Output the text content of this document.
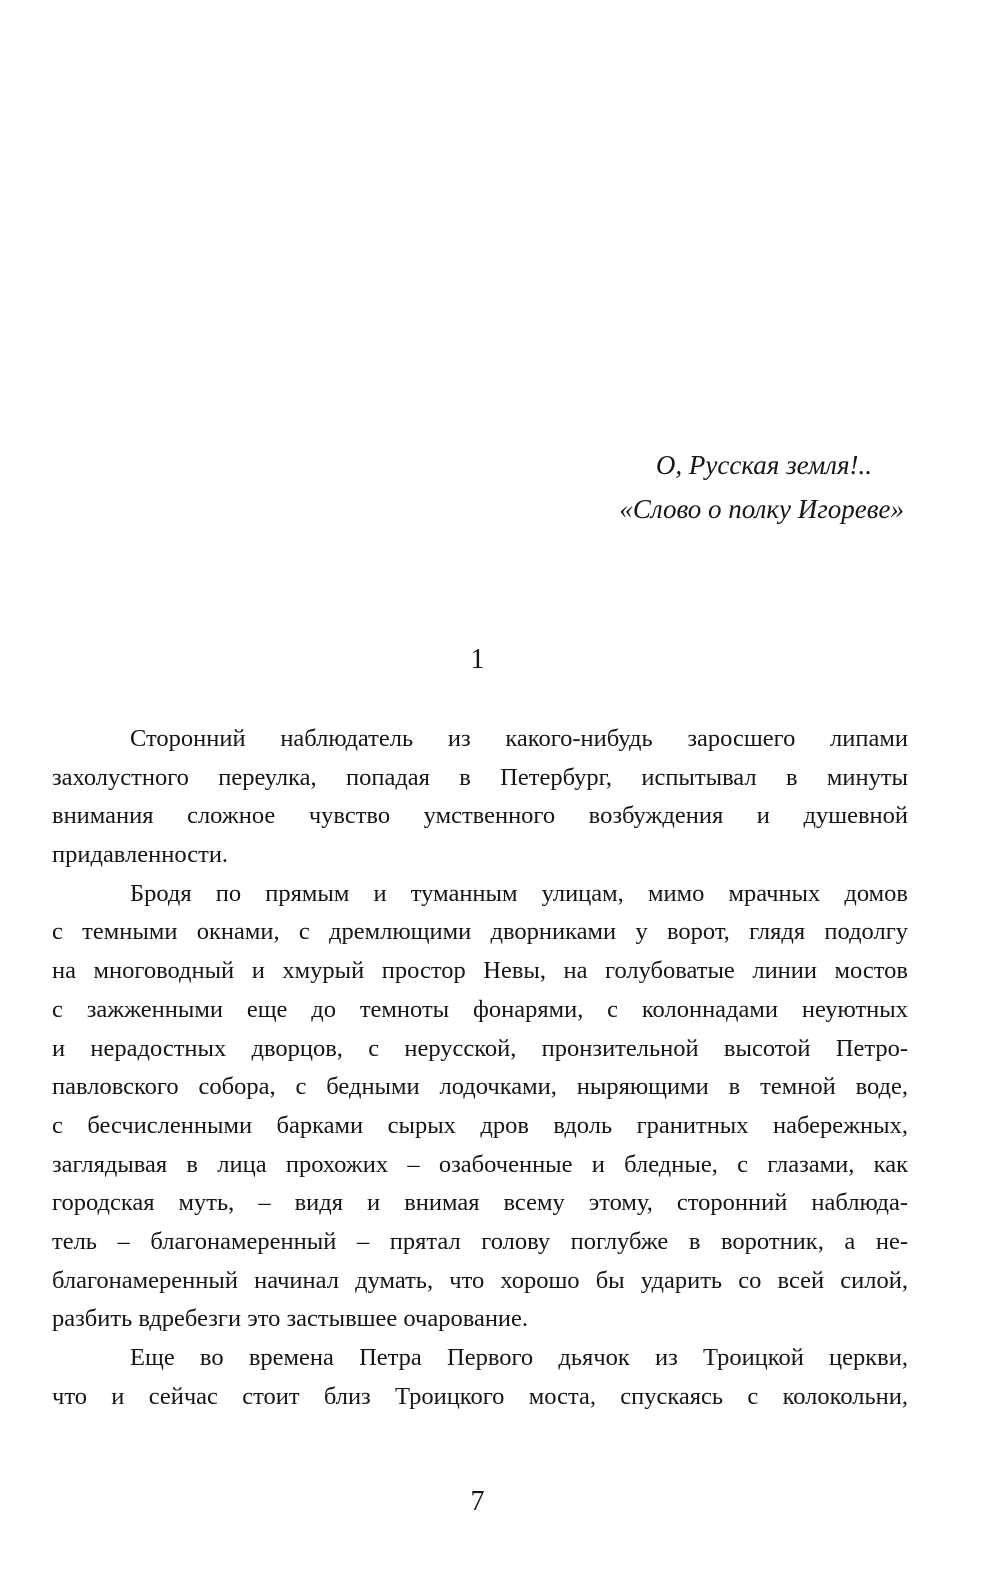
О, Русская земля!..
«Слово о полку Игореве»
1
Сторонний наблюдатель из какого-нибудь заросшего липами
захолустного переулка, попадая в Петербург, испытывал в минуты
внимания сложное чувство умственного возбуждения и душевной
придавленности.
Бродя по прямым и туманным улицам, мимо мрачных домов
с темными окнами, с дремлющими дворниками у ворот, глядя подолгу
на многоводный и хмурый простор Невы, на голубоватые линии мостов
с зажженными еще до темноты фонарями, с колоннадами неуютных
и нерадостных дворцов, с нерусской, пронзительной высотой Петро-
павловского собора, с бедными лодочками, ныряющими в темной воде,
с бесчисленными барками сырых дров вдоль гранитных набережных,
заглядывая в лица прохожих – озабоченные и бледные, с глазами, как
городская муть, – видя и внимая всему этому, сторонний наблюда-
тель – благонамеренный – прятал голову поглубже в воротник, а не-
благонамеренный начинал думать, что хорошо бы ударить со всей силой,
разбить вдребезги это застывшее очарование.
Еще во времена Петра Первого дьячок из Троицкой церкви,
что и сейчас стоит близ Троицкого моста, спускаясь с колокольни,
7
